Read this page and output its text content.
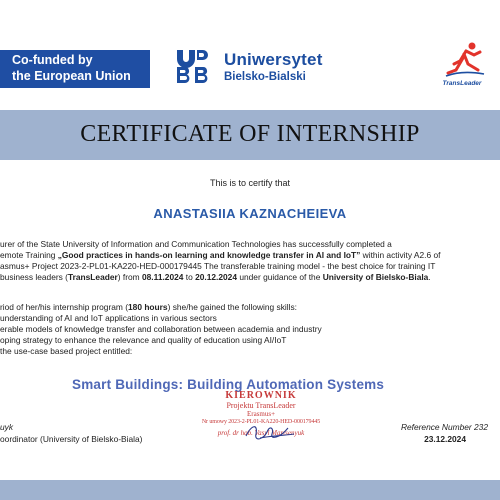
Co-funded by
the European Union
Uniwersytet
Bielsko-Bialski
TransLeader
CERTIFICATE OF INTERNSHIP
This is to certify that
ANASTASIIA KAZNACHEIEVA
urer of the State University of Information and Communication Technologies has successfully completed a
emote Training „Good practices in hands-on learning and knowledge transfer in AI and IoT” within activity A2.6 of
asmus+ Project 2023-2-PL01-KA220-HED-000179445 The transferable training model - the best choice for training IT
business leaders (TransLeader) from 08.11.2024 to 20.12.2024 under guidance of the University of Bielsko-Biala.
riod of her/his internship program (180 hours) she/he gained the following skills:
understanding of AI and IoT applications in various sectors
erable models of knowledge transfer and collaboration between academia and industry
oping strategy to enhance the relevance and quality of education using AI/IoT
the use-case based project entitled:
Smart Buildings: Building Automation Systems
KIEROWNIK
Projektu TransLeader
Erasmus+
Nr umowy 2023-2-PL01-KA220-HED-000179445
prof. dr hab. Vasyl Martsenyuk
uyk
oordinator (University of Bielsko-Biala)
Reference Number 232
23.12.2024
